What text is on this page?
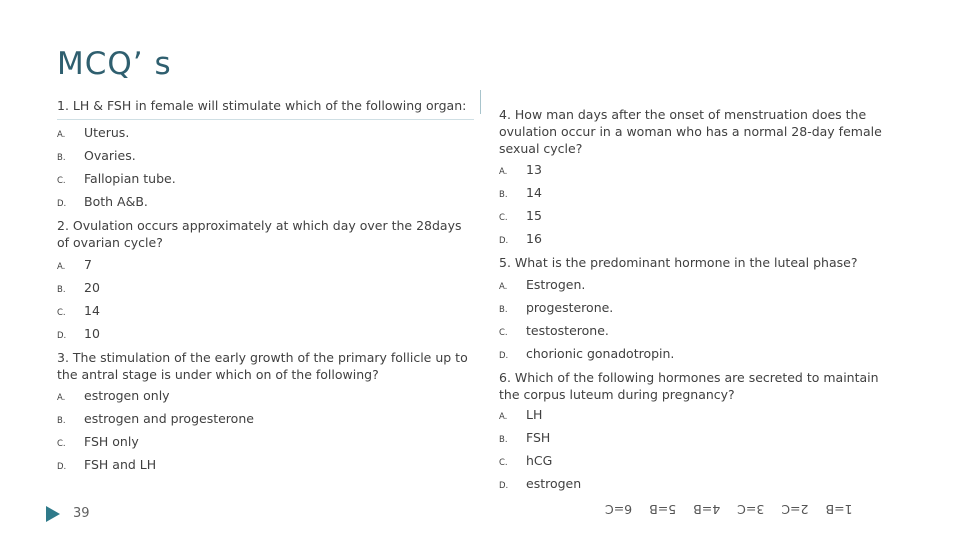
MCQ’ s

1. LH & FSH in female will stimulate which of the following organ:

A.	Uterus.
B.	Ovaries.
C.	Fallopian tube.
D.	Both A&B.

2. Ovulation occurs approximately at which day over the 28days of ovarian cycle?

A.	7
B.	20
C.	14
D.	10

3. The stimulation of the early growth of the primary follicle up to the antral stage is under which on of the following?

A.	estrogen only
B.	estrogen and progesterone
C.	FSH only
D.	FSH and LH

4. How man days after the onset of menstruation does the ovulation occur in a woman who has a normal 28-day female sexual cycle?

A.	13
B.	14
C.	15
D.	16

5. What is the predominant hormone in the luteal phase?

A.	Estrogen.
B.	progesterone.
C.	testosterone.
D.	chorionic gonadotropin.

6. Which of the following hormones are secreted to maintain the corpus luteum during pregnancy?

A.	LH
B.	FSH
C.	hCG
D.	estrogen
39	1=B2=C3=C4=B5=B6=C
